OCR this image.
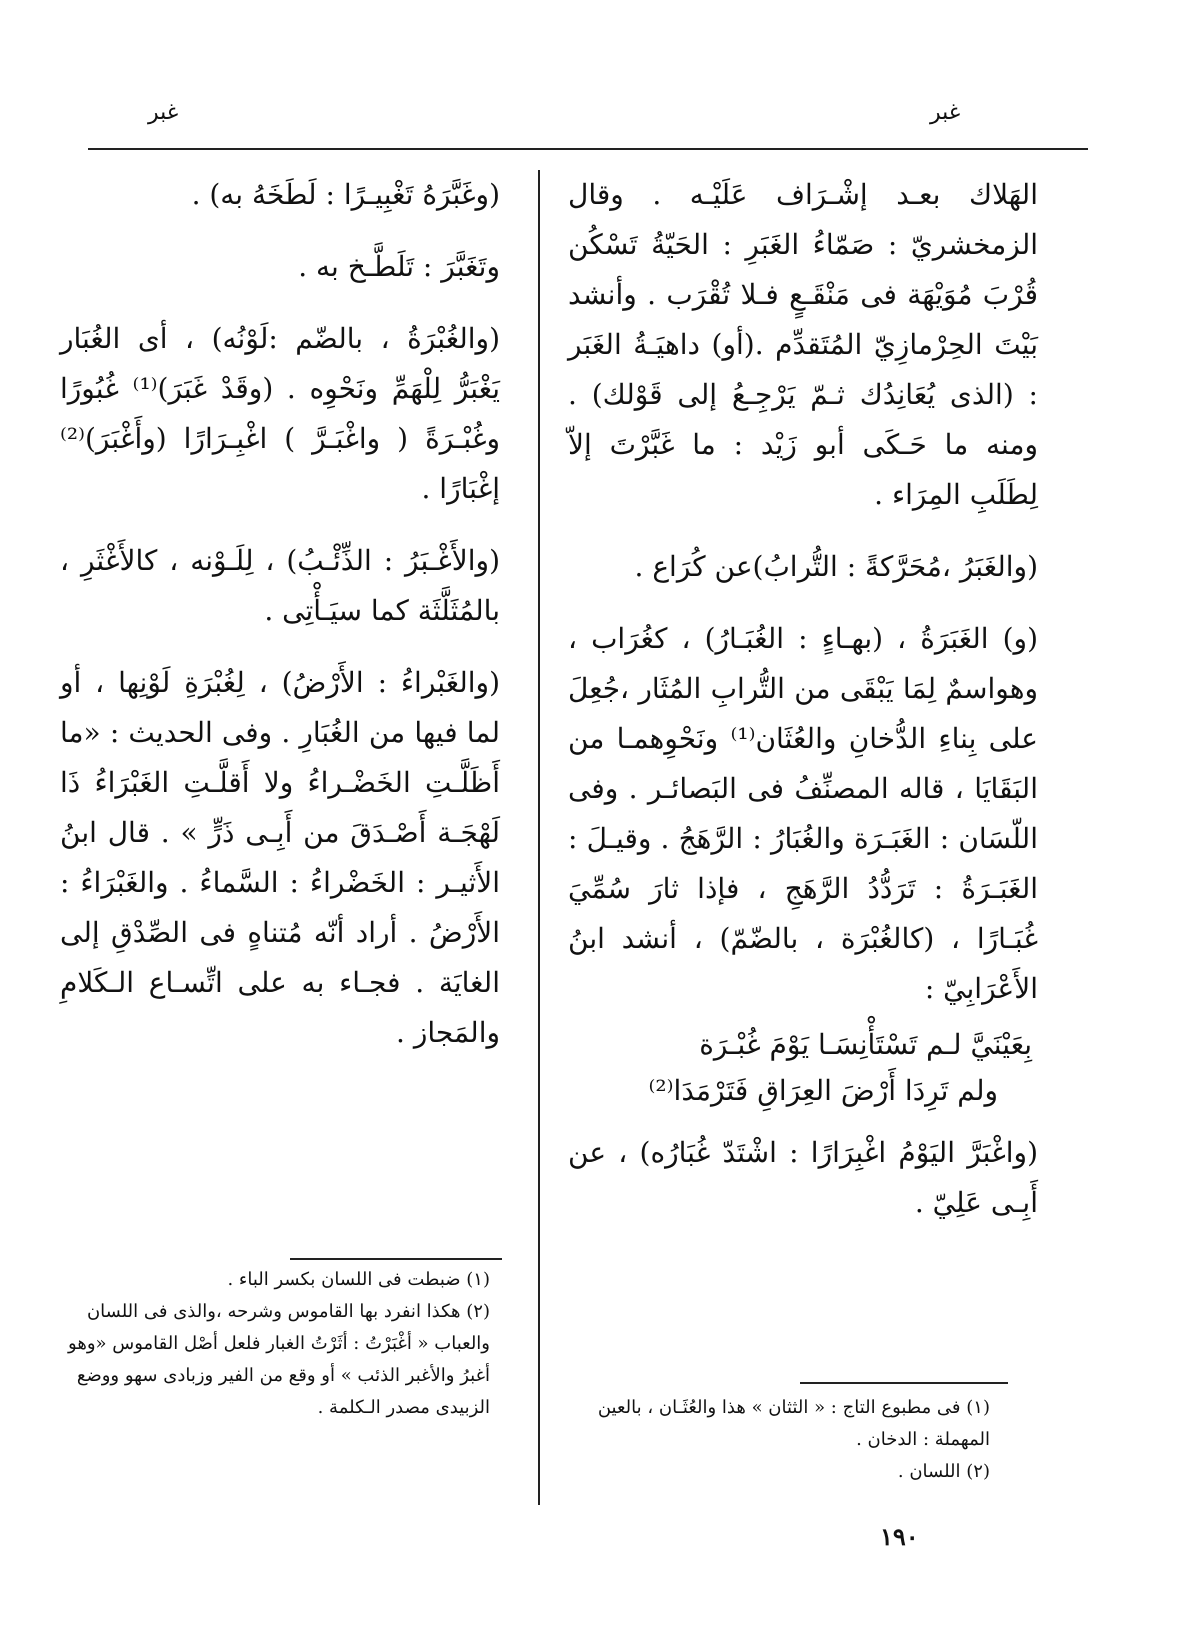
غبر	غبر

الهَلاك بعـد إشْـرَاف عَلَيْـه . وقال الزمخشريّ : صَمّاءُ الغَبَرِ : الحَيّةُ تَسْكُن قُرْبَ مُوَيْهَة فى مَنْقَـعٍ فـلا تُقْرَب . وأنشد بَيْتَ الحِرْمازِيّ المُتَقدِّم .(أو) داهيَـةُ الغَبَر : (الذى يُعَانِدُك ثـمّ يَرْجِـعُ إلى قَوْلك) . ومنه ما حَـكَى أبو زَيْد : ما غَبَّرْتَ إلاّ لِطَلَبِ المِرَاء .

(والغَبَرُ ،مُحَرَّكةً : التُّرابُ)عن كُرَاع .

(و) الغَبَرَةُ ، (بهـاءٍ : الغُبَـارُ) ، كغُرَاب ، وهواسمٌ لِمَا يَبْقَى من التُّرابِ المُثَار ،جُعِلَ على بِناءِ الدُّخانِ والعُثَان⁽¹⁾ ونَحْوِهمـا من البَقَايَا ، قاله المصنِّفُ فى البَصائـر . وفى اللّسَان : الغَبَـرَة والغُبَارُ : الرَّهَجُ . وقيـلَ : الغَبَـرَةُ : تَرَدُّدُ الرَّهَجِ ، فإذا ثارَ سُمِّيَ غُبَـارًا ، (كالغُبْرَة ، بالضّمّ) ، أنشد ابنُ الأَعْرَابِيّ :

بِعَيْنَيَّ لـم تَسْتَأْنِسَـا يَوْمَ غُبْـرَة
ولم تَرِدَا أَرْضَ العِرَاقِ فَتَرْمَدَا⁽²⁾

(واغْبَرَّ اليَوْمُ اغْبِرَارًا : اشْتَدّ غُبَارُه) ، عن أَبِـى عَلِيّ .

(وغَبَّرَهُ تَغْبِيـرًا : لَطَخَهُ به) .

وتَغَبَّرَ : تَلَطَّـخ به .

(والغُبْرَةُ ، بالضّم :لَوْنُه) ، أى الغُبَار يَغْبَرُّ لِلْهَمِّ ونَحْوِه . (وقَدْ غَبَرَ)⁽¹⁾ غُبُورًا وغُبْـرَةً ( واغْبَـرَّ ) اغْبِـرَارًا (وأَغْبَرَ)⁽²⁾ إغْبَارًا .

(والأَغْـبَرُ : الذِّئْـبُ) ، لِلَـوْنه ، كالأَغْثَرِ ، بالمُثَلَّثَة كما سيَـأْتِى .

(والغَبْراءُ : الأَرْضُ) ، لِغُبْرَةِ لَوْنِها ، أو لما فيها من الغُبَارِ . وفى الحديث : «ما أَظَلَّـتِ الخَضْـراءُ ولا أَقلَّـتِ الغَبْرَاءُ ذَا لَهْجَـة أَصْـدَقَ من أَبِـى ذَرٍّ » . قال ابنُ الأَثيـر : الخَضْراءُ : السَّماءُ . والغَبْرَاءُ : الأَرْضُ . أراد أنّه مُتناهٍ فى الصِّدْقِ إلى الغايَة . فجـاء به على اتِّسـاع الـكَلامِ والمَجاز .

(١) فى مطبوع التاج : « الثثان » هذا والعُثَـان ، بالعين المهملة : الدخان .
(٢) اللسان .
(١) ضبطت فى اللسان بكسر الباء .
(٢) هكذا انفرد بها القاموس وشرحه ،والذى فى اللسان والعباب « أغْبَرْتُ : أثَرْتُ الغبار فلعل أصْل القاموس «وهو أغبرُ والأغبر الذئب » أو وقع من الفير وزبادى سهو ووضع الزبيدى مصدر الـكلمة .
١٩٠
